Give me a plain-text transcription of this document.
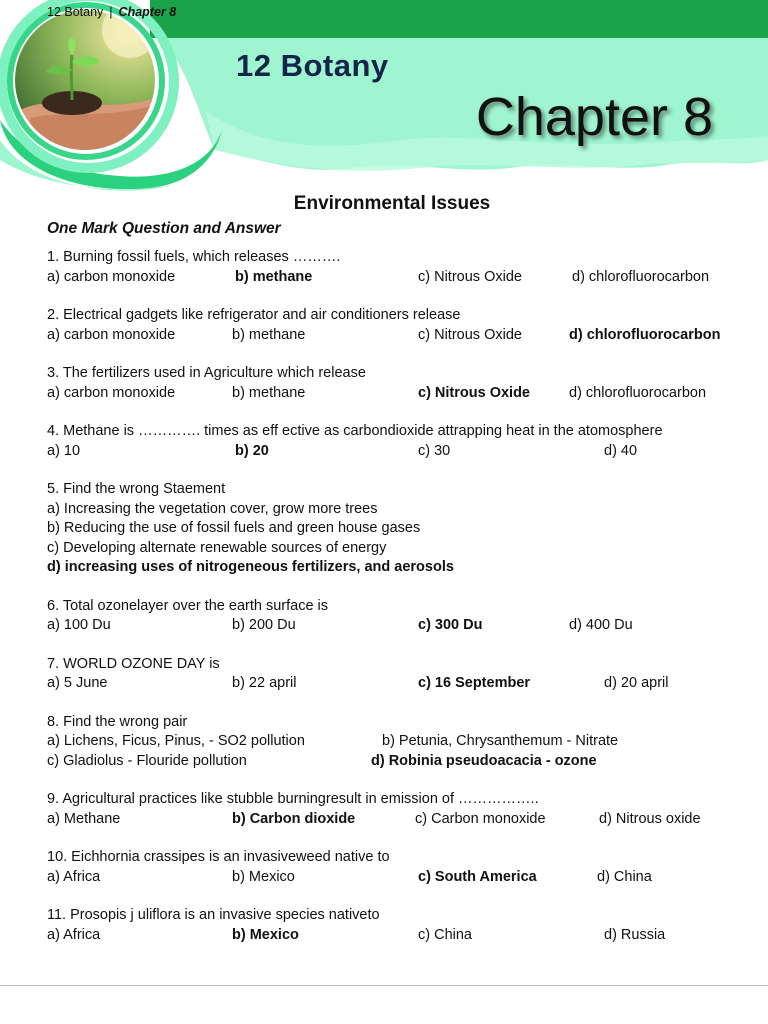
12 Botany | Chapter 8
12 Botany
Chapter 8
Environmental Issues
One Mark Question and Answer
1. Burning fossil fuels, which releases ……….
a) carbon monoxide	b) methane	c) Nitrous Oxide	d) chlorofluorocarbon
2. Electrical gadgets like refrigerator and air conditioners release
a) carbon monoxide	b) methane	c) Nitrous Oxide	d) chlorofluorocarbon
3. The fertilizers used in Agriculture which release
a) carbon monoxide	b) methane	c) Nitrous Oxide	d) chlorofluorocarbon
4. Methane is …………. times as eff ective as carbondioxide attrapping heat in the atomosphere
a) 10	b) 20	c) 30	d) 40
5. Find the wrong Staement
a) Increasing the vegetation cover, grow more trees
b) Reducing the use of fossil fuels and green house gases
c) Developing alternate renewable sources of energy
d) increasing uses of nitrogeneous fertilizers, and aerosols
6. Total ozonelayer over the earth surface is
a) 100 Du	b) 200 Du	c) 300 Du	d) 400 Du
7. WORLD OZONE DAY is
a) 5 June	b) 22 april	c) 16 September	d) 20 april
8. Find the wrong pair
a) Lichens, Ficus, Pinus, - SO2 pollution	b) Petunia, Chrysanthemum - Nitrate
c) Gladiolus - Flouride pollution	d) Robinia pseudoacacia - ozone
9. Agricultural practices like stubble burningresult in emission of ……………..
a) Methane	b) Carbon dioxide	c) Carbon monoxide	d) Nitrous oxide
10. Eichhornia crassipes is an invasiveweed native to
a) Africa	b) Mexico	c) South America	d) China
11. Prosopis j uliflora is an invasive species nativeto
a) Africa	b) Mexico	c) China	d) Russia
